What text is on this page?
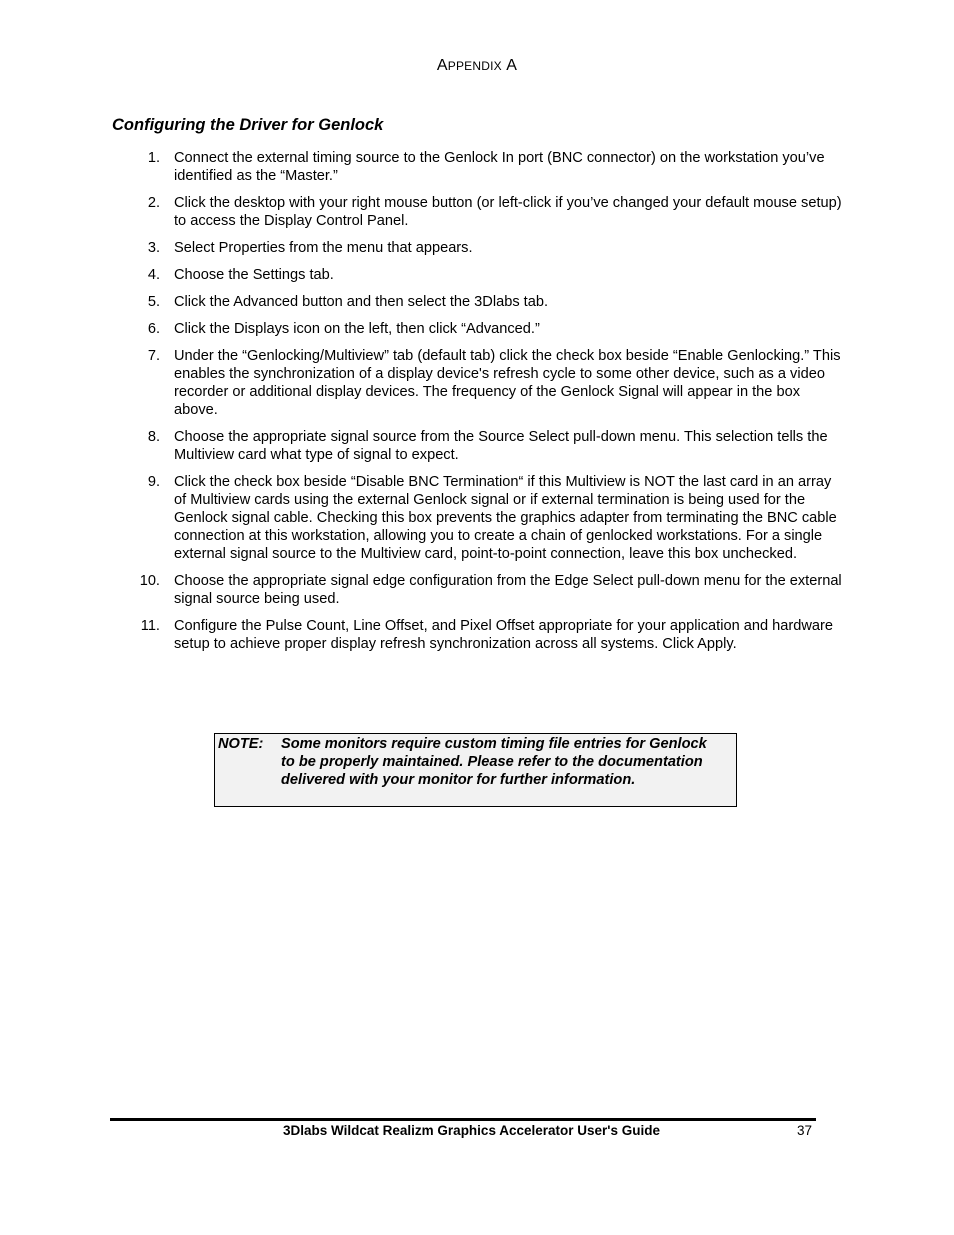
APPENDIX A
Configuring the Driver for Genlock
1. Connect the external timing source to the Genlock In port (BNC connector) on the workstation you’ve identified as the “Master.”
2. Click the desktop with your right mouse button (or left-click if you’ve changed your default mouse setup) to access the Display Control Panel.
3. Select Properties from the menu that appears.
4. Choose the Settings tab.
5. Click the Advanced button and then select the 3Dlabs tab.
6. Click the Displays icon on the left, then click “Advanced.”
7. Under the “Genlocking/Multiview” tab (default tab) click the check box beside “Enable Genlocking.” This enables the synchronization of a display device's refresh cycle to some other device, such as a video recorder or additional display devices. The frequency of the Genlock Signal will appear in the box above.
8. Choose the appropriate signal source from the Source Select pull-down menu. This selection tells the Multiview card what type of signal to expect.
9. Click the check box beside “Disable BNC Termination“ if this Multiview is NOT the last card in an array of Multiview cards using the external Genlock signal or if external termination is being used for the Genlock signal cable. Checking this box prevents the graphics adapter from terminating the BNC cable connection at this workstation, allowing you to create a chain of genlocked workstations. For a single external signal source to the Multiview card, point-to-point connection, leave this box unchecked.
10. Choose the appropriate signal edge configuration from the Edge Select pull-down menu for the external signal source being used.
11. Configure the Pulse Count, Line Offset, and Pixel Offset appropriate for your application and hardware setup to achieve proper display refresh synchronization across all systems. Click Apply.
NOTE: Some monitors require custom timing file entries for Genlock to be properly maintained. Please refer to the documentation delivered with your monitor for further information.
3Dlabs Wildcat Realizm Graphics Accelerator User's Guide	37
